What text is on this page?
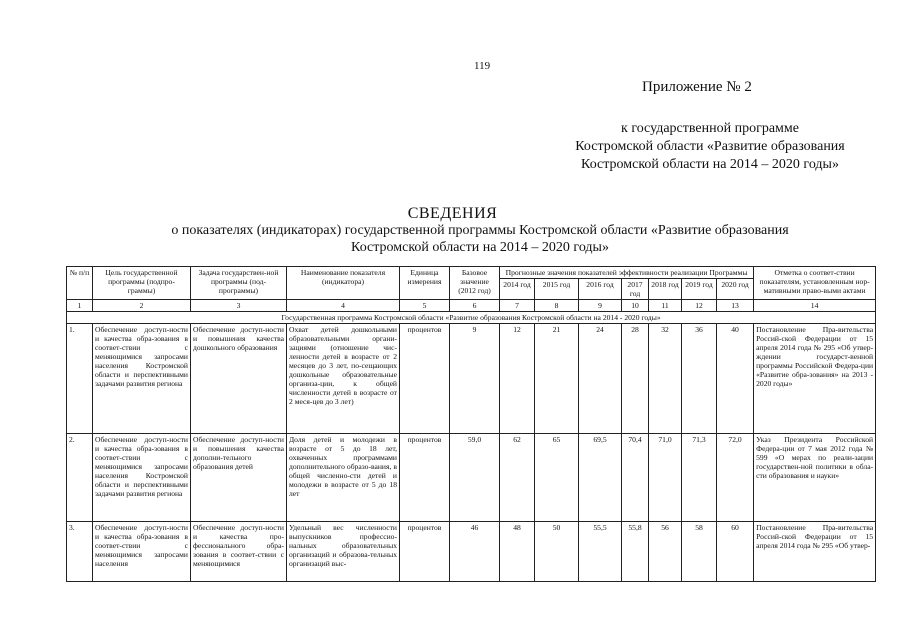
119
Приложение № 2
к государственной программе
Костромской области «Развитие образования
Костромской области на 2014 – 2020 годы»
СВЕДЕНИЯ
о показателях (индикаторах) государственной программы Костромской области «Развитие образования
Костромской области на 2014 – 2020 годы»
№ п/п	Цель государственной программы (подпро-граммы)	Задача государствен-ной программы (под-программы)	Наименование показателя (индикатора)	Единица измерения	Базовое значение (2012 год)	Прогнозные значения показателей эффективности реализации Программы							Отметка о соответ-ствии показателям, установленным нор-мативными право-выми актами
						2014 год	2015 год	2016 год	2017 год	2018 год	2019 год	2020 год	
1	2	3	4	5	6	7	8	9	10	11	12	13	14
Государственная программа Костромской области «Развитие образования Костромской области на 2014 - 2020 годы»													
1.	Обеспечение доступ-ности и качества обра-зования в соответ-ствии с меняющимися запросами населения Костромской области и перспективными задачами развития региона	Обеспечение доступ-ности и повышения качества дошкольного образования	Охват детей дошкольными образовательными органи-зациями (отношение чис-ленности детей в возрасте от 2 месяцев до 3 лет, по-сещающих дошкольные образовательные организа-ции, к общей численности детей в возрасте от 2 меся-цев до 3 лет)	процентов	9	12	21	24	28	32	36	40	Постановление Пра-вительства Россий-ской Федерации от 15 апреля 2014 года № 295 «Об утвер-ждении государст-венной программы Российской Федера-ции «Развитие обра-зования» на 2013 - 2020 годы»
2.	Обеспечение доступ-ности и качества обра-зования в соответ-ствии с меняющимися запросами населения Костромской области и перспективными задачами развития региона	Обеспечение доступ-ности и повышения качества дополни-тельного образования детей	Доля детей и молодежи в возрасте от 5 до 18 лет, охваченных программами дополнительного образо-вания, в общей численно-сти детей и молодежи в возрасте от 5 до 18 лет	процентов	59,0	62	65	69,5	70,4	71,0	71,3	72,0	Указ Президента Российской Федера-ции от 7 мая 2012 года № 599 «О мерах по реали-зации государствен-ной политики в обла-сти образования и науки»
3.	Обеспечение доступ-ности и качества обра-зования в соответ-ствии с меняющимися запросами населения	Обеспечение доступ-ности и качества про-фессионального обра-зования в соответ-ствии с меняющимися	Удельный вес численности выпускников профессио-нальных образовательных организаций и образова-тельных организаций выс-	процентов	46	48	50	55,5	55,8	56	58	60	Постановление Пра-вительства Россий-ской Федерации от 15 апреля 2014 года № 295 «Об утвер-
